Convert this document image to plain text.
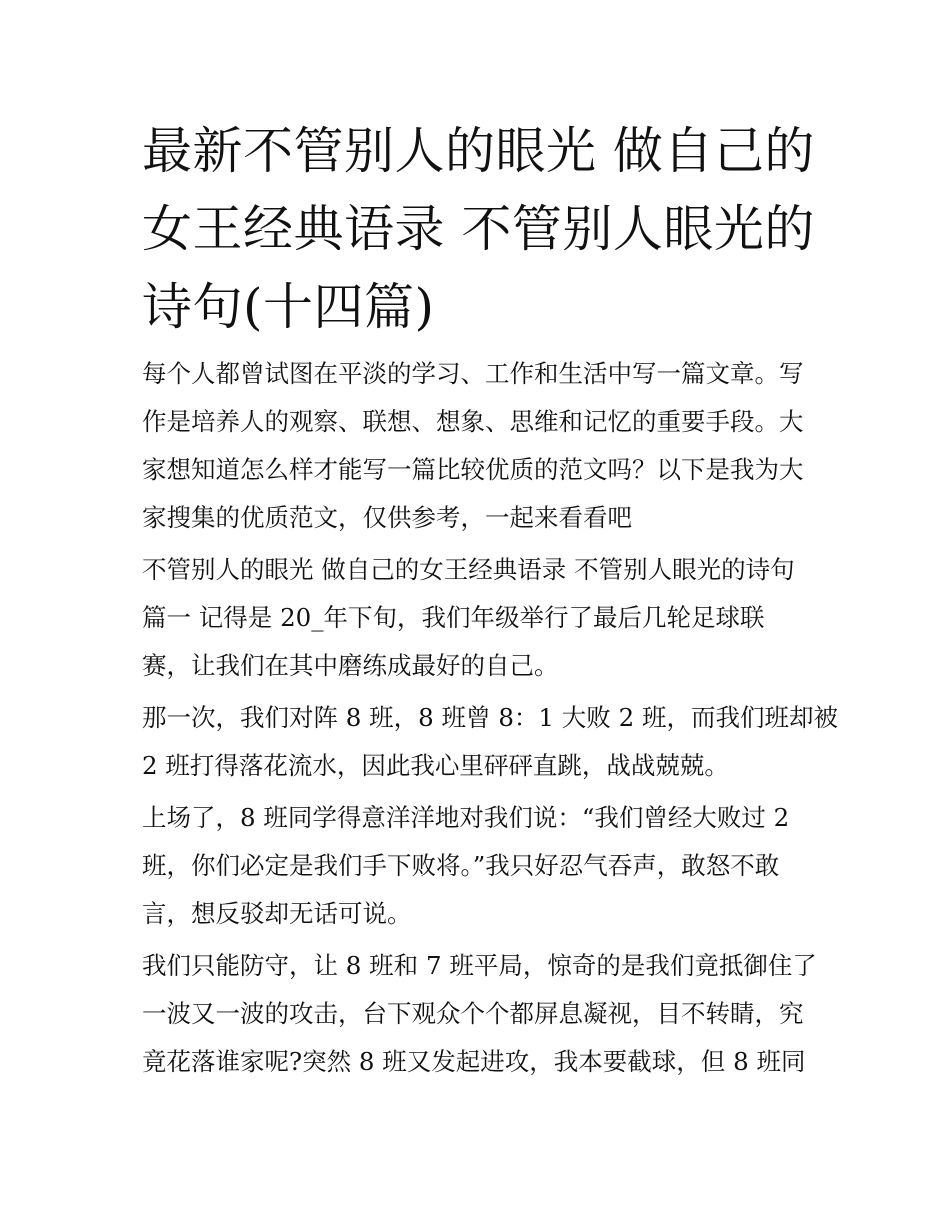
最新不管别人的眼光 做自己的
女王经典语录 不管别人眼光的
诗句(十四篇)
每个人都曾试图在平淡的学习、工作和生活中写一篇文章。写
作是培养人的观察、联想、想象、思维和记忆的重要手段。大
家想知道怎么样才能写一篇比较优质的范文吗？以下是我为大
家搜集的优质范文，仅供参考，一起来看看吧
不管别人的眼光 做自己的女王经典语录 不管别人眼光的诗句
篇一 记得是 20_年下旬，我们年级举行了最后几轮足球联
赛，让我们在其中磨练成最好的自己。
那一次，我们对阵 8 班，8 班曾 8：1 大败 2 班，而我们班却被
2 班打得落花流水，因此我心里砰砰直跳，战战兢兢。
上场了，8 班同学得意洋洋地对我们说：“我们曾经大败过 2
班，你们必定是我们手下败将。”我只好忍气吞声，敢怒不敢
言，想反驳却无话可说。
我们只能防守，让 8 班和 7 班平局，惊奇的是我们竟抵御住了
一波又一波的攻击，台下观众个个都屏息凝视，目不转睛，究
竟花落谁家呢?突然 8 班又发起进攻，我本要截球，但 8 班同
